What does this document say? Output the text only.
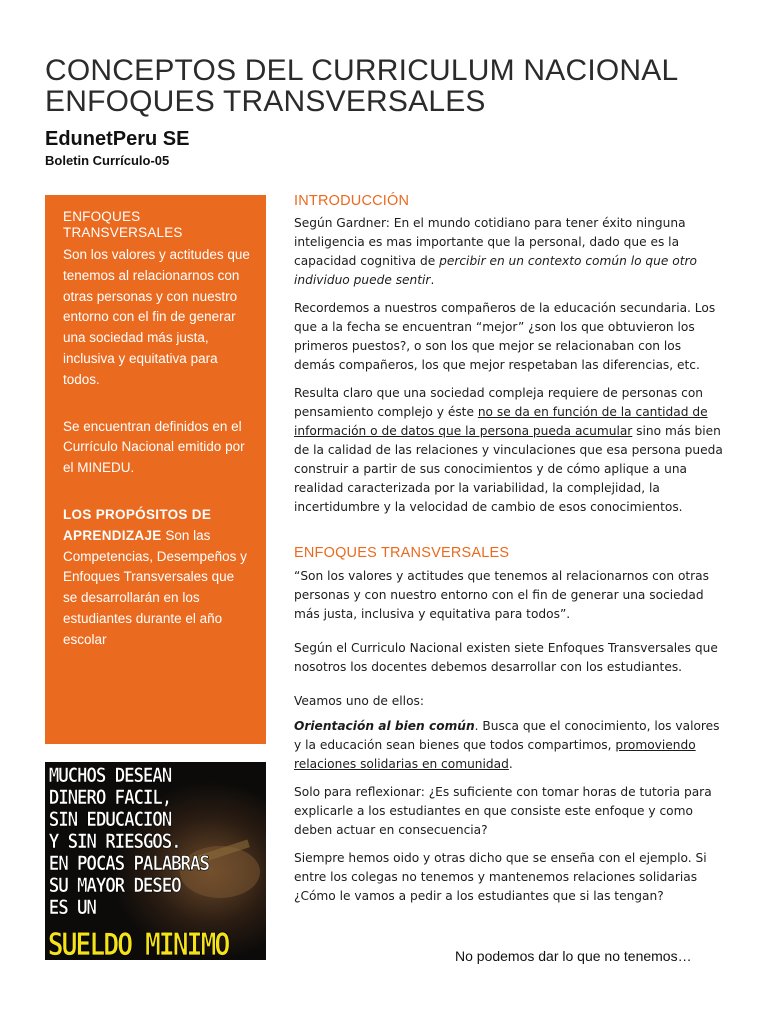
CONCEPTOS DEL CURRICULUM NACIONAL
ENFOQUES TRANSVERSALES
EdunetPeru SE
Boletin Currículo-05
ENFOQUES
TRANSVERSALES
Son los valores y actitudes que tenemos al relacionarnos con otras personas y con nuestro entorno con el fin de generar una sociedad más justa, inclusiva y equitativa para todos.
Se encuentran definidos en el Currículo Nacional emitido por el MINEDU.
LOS PROPÓSITOS DE APRENDIZAJE Son las Competencias, Desempeños y Enfoques Transversales que se desarrollarán en los estudiantes durante el año escolar
MUCHOS DESEAN
DINERO FACIL,
SIN EDUCACION
Y SIN RIESGOS.
EN POCAS PALABRAS
SU MAYOR DESEO
ES UN
SUELDO MINIMO
INTRODUCCIÓN

Según Gardner: En el mundo cotidiano para tener éxito ninguna inteligencia es mas importante que la personal, dado que es la capacidad cognitiva de percibir en un contexto común lo que otro individuo puede sentir.

Recordemos a nuestros compañeros de la educación secundaria. Los que a la fecha se encuentran “mejor” ¿son los que obtuvieron los primeros puestos?, o son los que mejor se relacionaban con los demás compañeros, los que mejor respetaban las diferencias, etc.

Resulta claro que una sociedad compleja requiere de personas con pensamiento complejo y éste no se da en función de la cantidad de información o de datos que la persona pueda acumular sino más bien de la calidad de las relaciones y vinculaciones que esa persona pueda construir a partir de sus conocimientos y de cómo aplique a una realidad caracterizada por la variabilidad, la complejidad, la incertidumbre y la velocidad de cambio de esos conocimientos.

ENFOQUES TRANSVERSALES

“Son los valores y actitudes que tenemos al relacionarnos con otras personas y con nuestro entorno con el fin de generar una sociedad más justa, inclusiva y equitativa para todos”.

Según el Curriculo Nacional existen siete Enfoques Transversales que nosotros los docentes debemos desarrollar con los estudiantes.

Veamos uno de ellos:

Orientación al bien común. Busca que el conocimiento, los valores y la educación sean bienes que todos compartimos, promoviendo relaciones solidarias en comunidad.

Solo para reflexionar: ¿Es suficiente con tomar horas de tutoria para explicarle a los estudiantes en que consiste este enfoque y como deben actuar en consecuencia?

Siempre hemos oido y otras dicho que se enseña con el ejemplo. Si entre los colegas no tenemos y mantenemos relaciones solidarias ¿Cómo le vamos a pedir a los estudiantes que si las tengan?

No podemos dar lo que no tenemos…
